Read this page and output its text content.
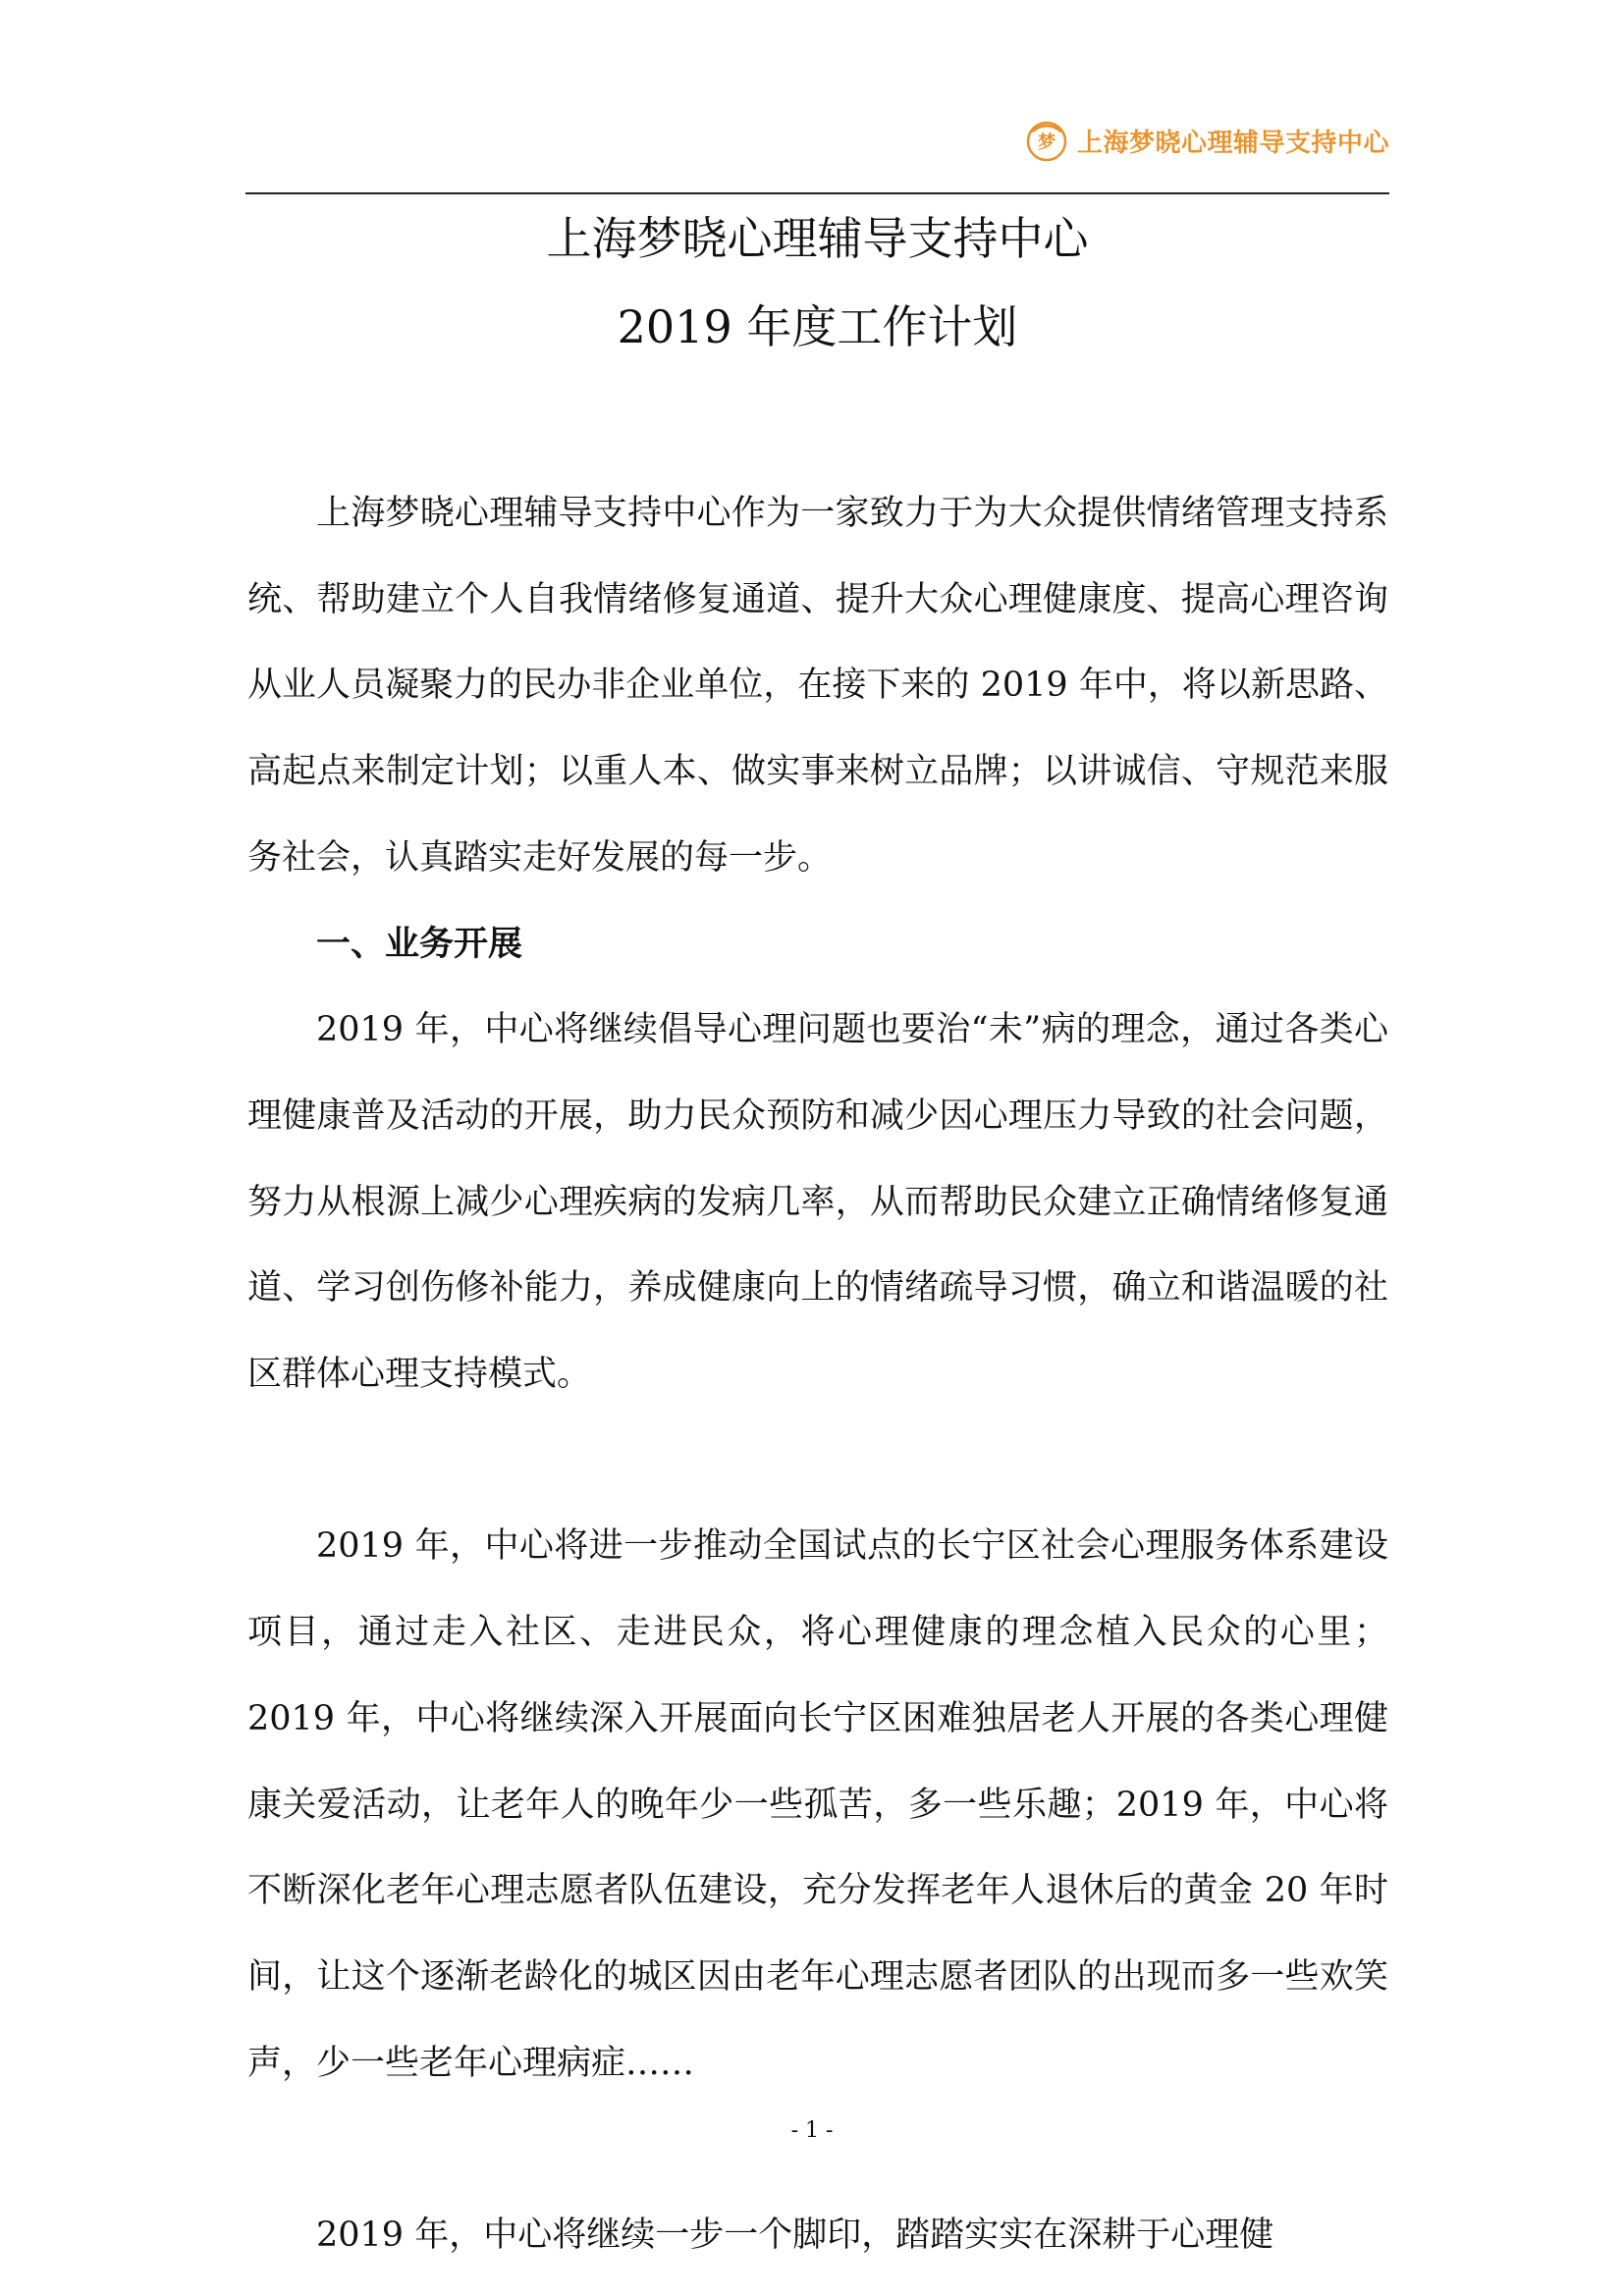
梦 上海梦晓心理辅导支持中心
上海梦晓心理辅导支持中心
2019 年度工作计划

上海梦晓心理辅导支持中心作为一家致力于为大众提供情绪管理支持系统、帮助建立个人自我情绪修复通道、提升大众心理健康度、提高心理咨询从业人员凝聚力的民办非企业单位，在接下来的 2019 年中，将以新思路、高起点来制定计划；以重人本、做实事来树立品牌；以讲诚信、守规范来服务社会，认真踏实走好发展的每一步。

一、业务开展

2019 年，中心将继续倡导心理问题也要治“未”病的理念，通过各类心理健康普及活动的开展，助力民众预防和减少因心理压力导致的社会问题，努力从根源上减少心理疾病的发病几率，从而帮助民众建立正确情绪修复通道、学习创伤修补能力，养成健康向上的情绪疏导习惯，确立和谐温暖的社区群体心理支持模式。

2019 年，中心将进一步推动全国试点的长宁区社会心理服务体系建设项目，通过走入社区、走进民众，将心理健康的理念植入民众的心里；2019 年，中心将继续深入开展面向长宁区困难独居老人开展的各类心理健康关爱活动，让老年人的晚年少一些孤苦，多一些乐趣；2019 年，中心将不断深化老年心理志愿者队伍建设，充分发挥老年人退休后的黄金 20 年时间，让这个逐渐老龄化的城区因由老年心理志愿者团队的出现而多一些欢笑声，少一些老年心理病症……

2019 年，中心将继续一步一个脚印，踏踏实实在深耕于心理健

- 1 -
